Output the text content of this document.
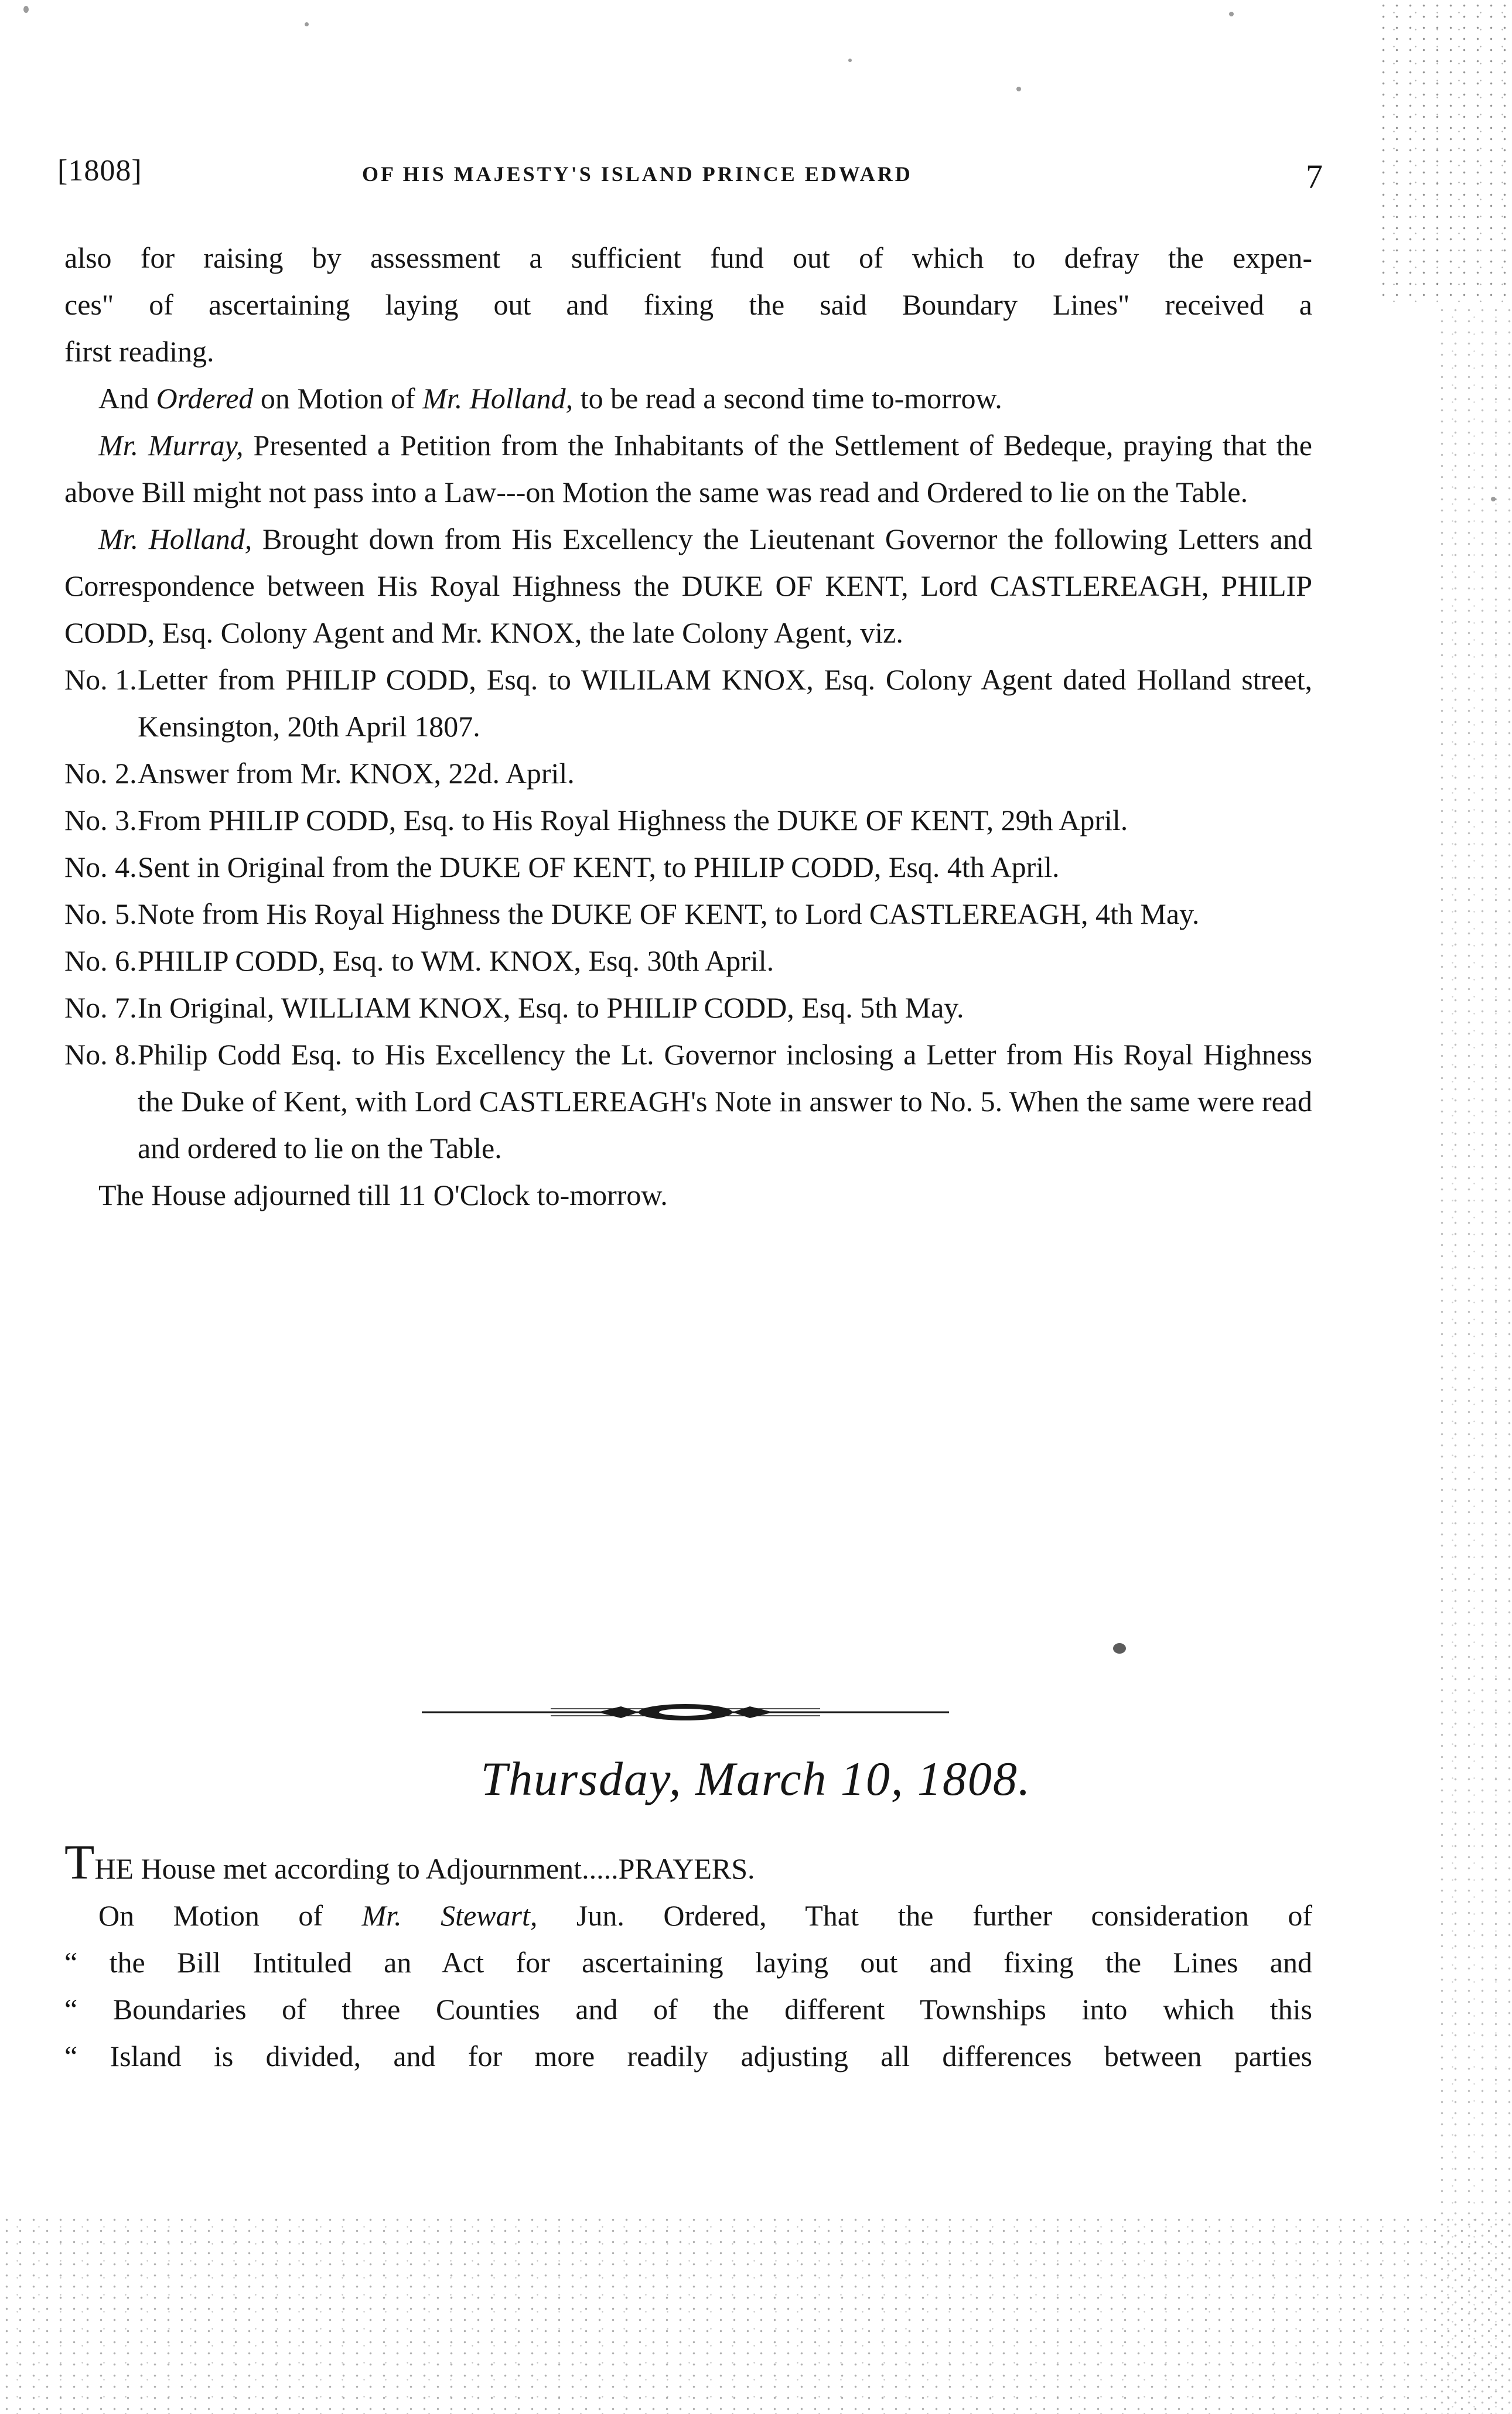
[1808]	OF HIS MAJESTY'S ISLAND PRINCE EDWARD	7
also for raising by assessment a sufficient fund out of which to defray the expen-
ces" of ascertaining laying out and fixing the said Boundary Lines" received a
first reading.

And Ordered on Motion of Mr. Holland, to be read a second time to-morrow.

Mr. Murray, Presented a Petition from the Inhabitants of the Settlement of Bedeque, praying that the above Bill might not pass into a Law---on Motion the same was read and Ordered to lie on the Table.

Mr. Holland, Brought down from His Excellency the Lieutenant Governor the following Letters and Correspondence between His Royal Highness the DUKE OF KENT, Lord CASTLEREAGH, PHILIP CODD, Esq. Colony Agent and Mr. KNOX, the late Colony Agent, viz.

No. 1.Letter from PHILIP CODD, Esq. to WILILAM KNOX, Esq. Colony Agent dated Holland street, Kensington, 20th April 1807.
No. 2.Answer from Mr. KNOX, 22d. April.
No. 3.From PHILIP CODD, Esq. to His Royal Highness the DUKE OF KENT, 29th April.
No. 4.Sent in Original from the DUKE OF KENT, to PHILIP CODD, Esq. 4th April.
No. 5.Note from His Royal Highness the DUKE OF KENT, to Lord CASTLEREAGH, 4th May.
No. 6.PHILIP CODD, Esq. to WM. KNOX, Esq. 30th April.
No. 7.In Original, WILLIAM KNOX, Esq. to PHILIP CODD, Esq. 5th May.
No. 8.Philip Codd Esq. to His Excellency the Lt. Governor inclosing a Letter from His Royal Highness the Duke of Kent, with Lord CASTLEREAGH's Note in answer to No. 5. When the same were read and ordered to lie on the Table.

The House adjourned till 11 O'Clock to-morrow.

Thursday, March 10, 1808.

THE House met according to Adjournment.....PRAYERS.

On Motion of Mr. Stewart, Jun. Ordered, That the further consideration of

“ the Bill Intituled an Act for ascertaining laying out and fixing the Lines and
“ Boundaries of three Counties and of the different Townships into which this
“ Island is divided, and for more readily adjusting all differences between parties
